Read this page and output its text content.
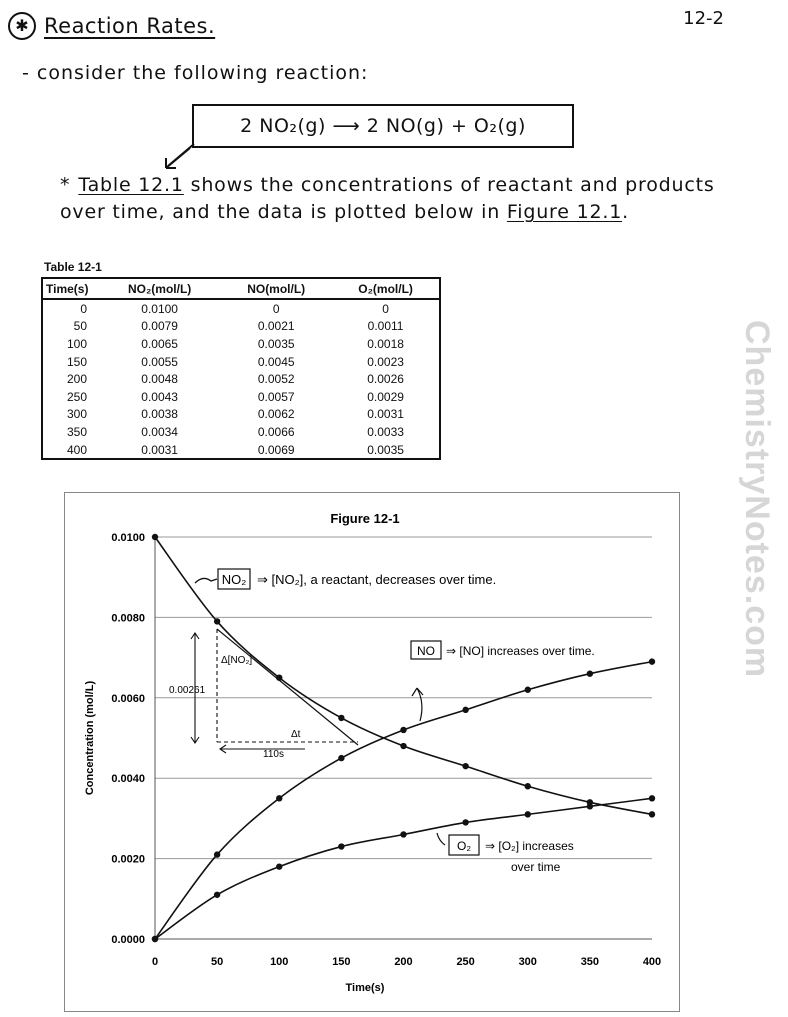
✱ Reaction Rates.	12-2
- consider the following reaction:
2 NO₂(g) ⟶ 2 NO(g) + O₂(g)
* Table 12.1 shows the concentrations of reactant and products over time, and the data is plotted below in Figure 12.1.
Table 12-1
Time(s)	NO₂(mol/L)	NO(mol/L)	O₂(mol/L)
0	0.0100	0	0
50	0.0079	0.0021	0.0011
100	0.0065	0.0035	0.0018
150	0.0055	0.0045	0.0023
200	0.0048	0.0052	0.0026
250	0.0043	0.0057	0.0029
300	0.0038	0.0062	0.0031
350	0.0034	0.0066	0.0033
400	0.0031	0.0069	0.0035	ChemistryNotes.com
Figure 12-1
0.0000
0.0020
0.0040
0.0060
0.0080
0.0100
0	50	100	150	200	250	300	350	400
Time(s)
Concentration (mol/L)
NO₂ ⇒ [NO₂], a reactant, decreases over time.
NO ⇒ [NO] increases over time.
O₂ ⇒ [O₂] increases
over time
Δ[NO₂]
0.00261
Δt
110s
